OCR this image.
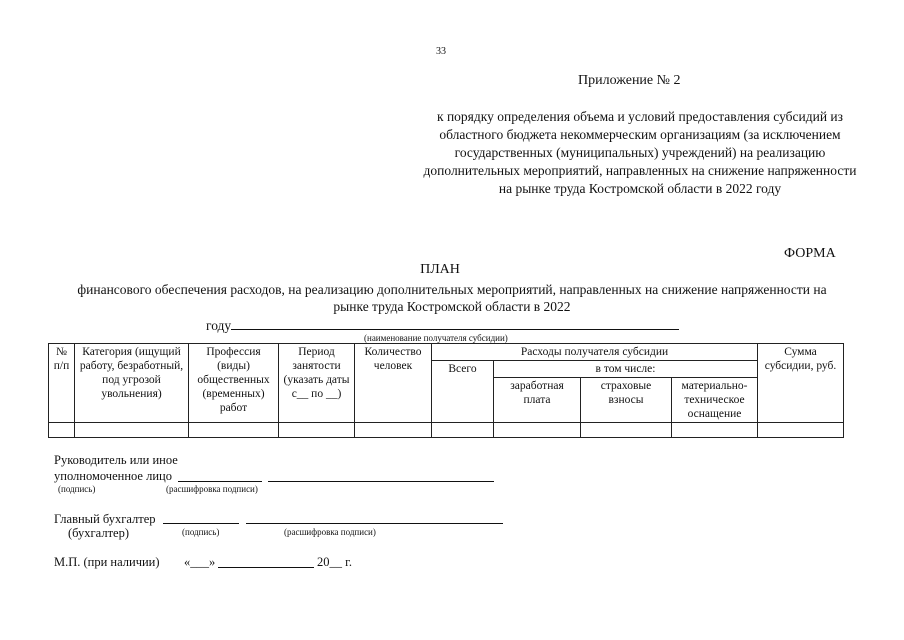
33
Приложение № 2
к порядку определения объема и условий предоставления субсидий из областного бюджета некоммерческим организациям (за исключением государственных (муниципальных) учреждений) на реализацию дополнительных мероприятий, направленных на снижение напряженности на рынке труда Костромской области в 2022 году
ФОРМА
ПЛАН
финансового обеспечения расходов, на реализацию дополнительных мероприятий, направленных на снижение напряженности на рынке труда Костромской области в 2022
году
(наименование получателя субсидии)
№ п/п	Категория (ищущий работу, безработный, под угрозой увольнения)	Профессия (виды) общественных (временных) работ	Период занятости (указать даты с__ по __)	Количество человек	Расходы получателя субсидии				Сумма субсидии, руб.
					Всего	в том числе:			
						заработная плата	страховые взносы	материально-техническое оснащение	

Руководитель или иное
уполномоченное лицо
(подпись)	(расшифровка подписи)
Главный бухгалтер
(бухгалтер)	(подпись)	(расшифровка подписи)
М.П. (при наличии) «___»	20__ г.
